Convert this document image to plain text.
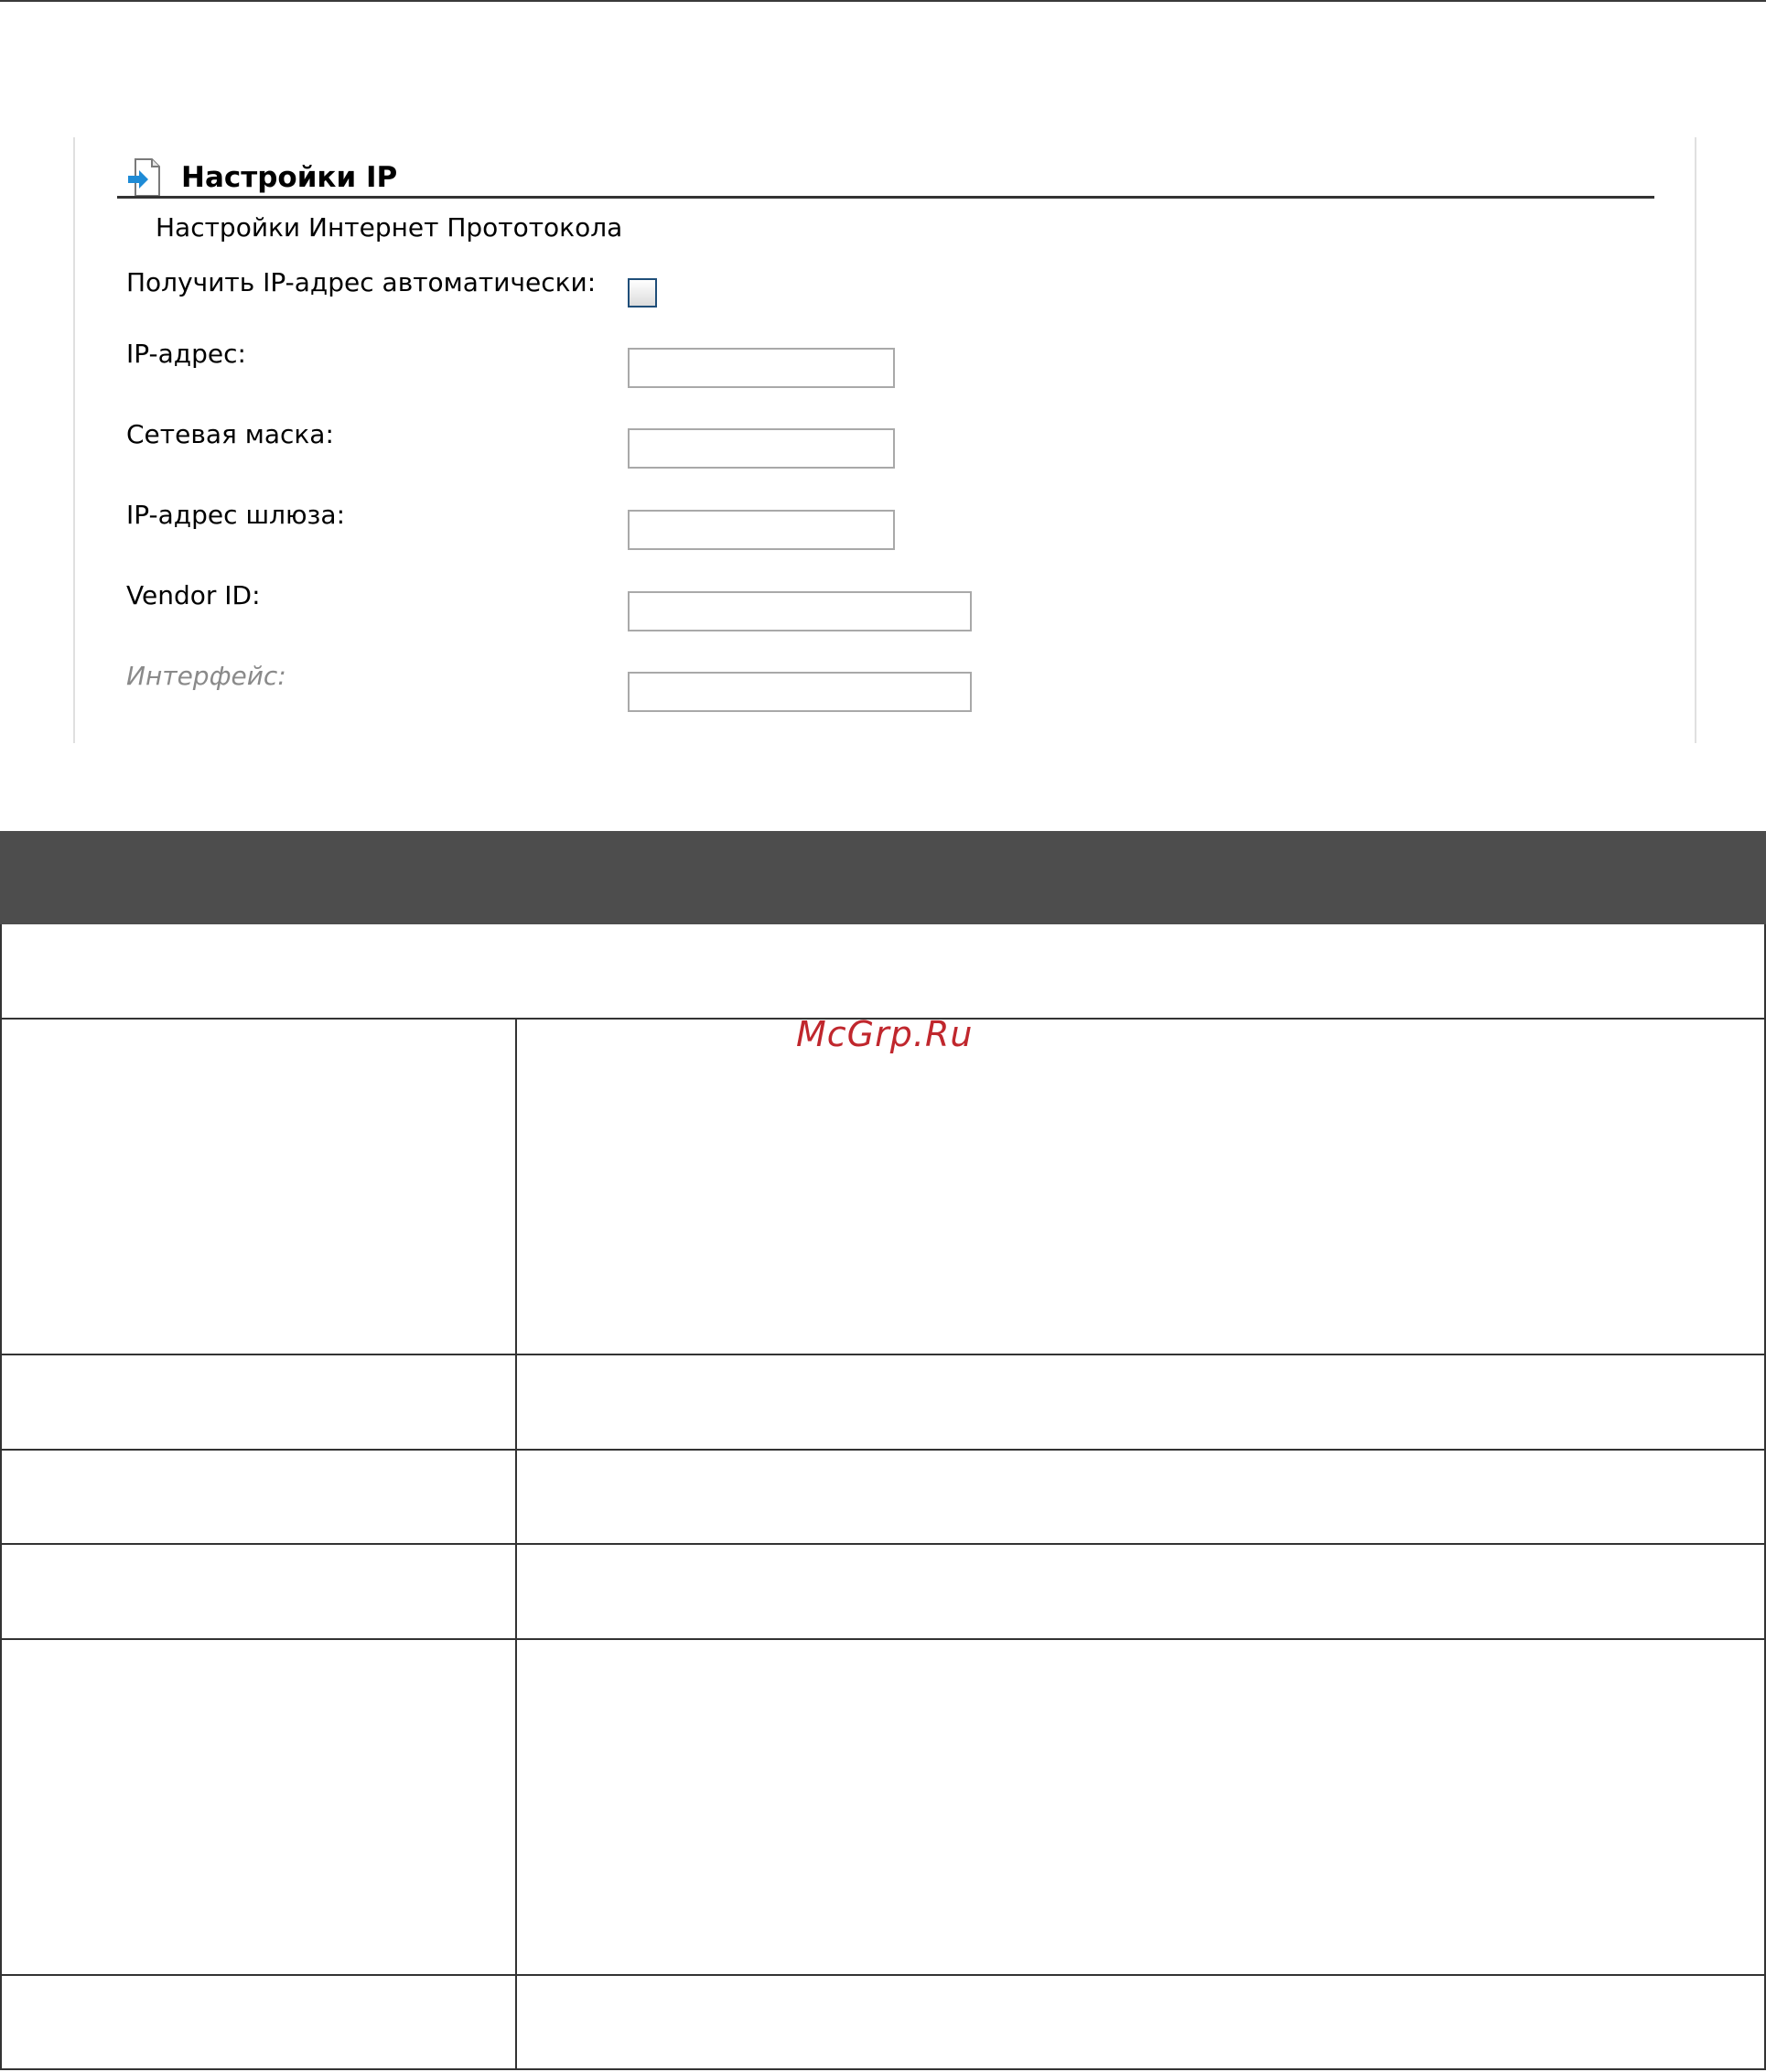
Настройки IP
Настройки Интернет Прототокола
Получить IP-адрес автоматически:
IP-адрес:
Сетевая маска:
IP-адрес шлюза:
Vendor ID:
Интерфейс:
McGrp.Ru
